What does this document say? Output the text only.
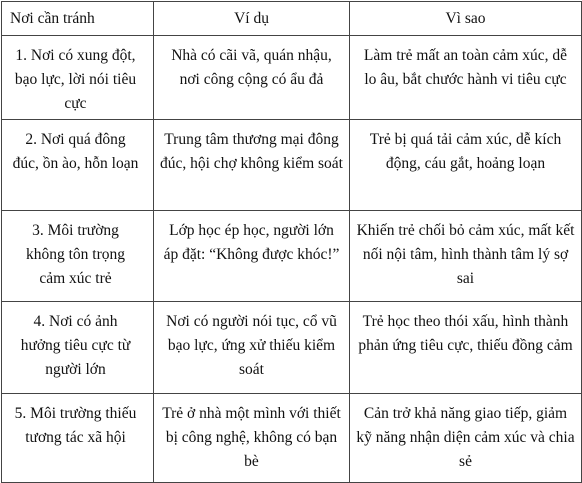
Nơi cần tránh	Ví dụ	Vì sao
1. Nơi có xung đột, bạo lực, lời nói tiêu cực	Nhà có cãi vã, quán nhậu, nơi công cộng có ẩu đả	Làm trẻ mất an toàn cảm xúc, dễ lo âu, bắt chước hành vi tiêu cực
2. Nơi quá đông đúc, ồn ào, hỗn loạn	Trung tâm thương mại đông đúc, hội chợ không kiểm soát	Trẻ bị quá tải cảm xúc, dễ kích động, cáu gắt, hoảng loạn
3. Môi trường không tôn trọng cảm xúc trẻ	Lớp học ép học, người lớn áp đặt: “Không được khóc!”	Khiến trẻ chối bỏ cảm xúc, mất kết nối nội tâm, hình thành tâm lý sợ sai
4. Nơi có ảnh hưởng tiêu cực từ người lớn	Nơi có người nói tục, cổ vũ bạo lực, ứng xử thiếu kiểm soát	Trẻ học theo thói xấu, hình thành phản ứng tiêu cực, thiếu đồng cảm
5. Môi trường thiếu tương tác xã hội	Trẻ ở nhà một mình với thiết bị công nghệ, không có bạn bè	Cản trở khả năng giao tiếp, giảm kỹ năng nhận diện cảm xúc và chia sẻ
